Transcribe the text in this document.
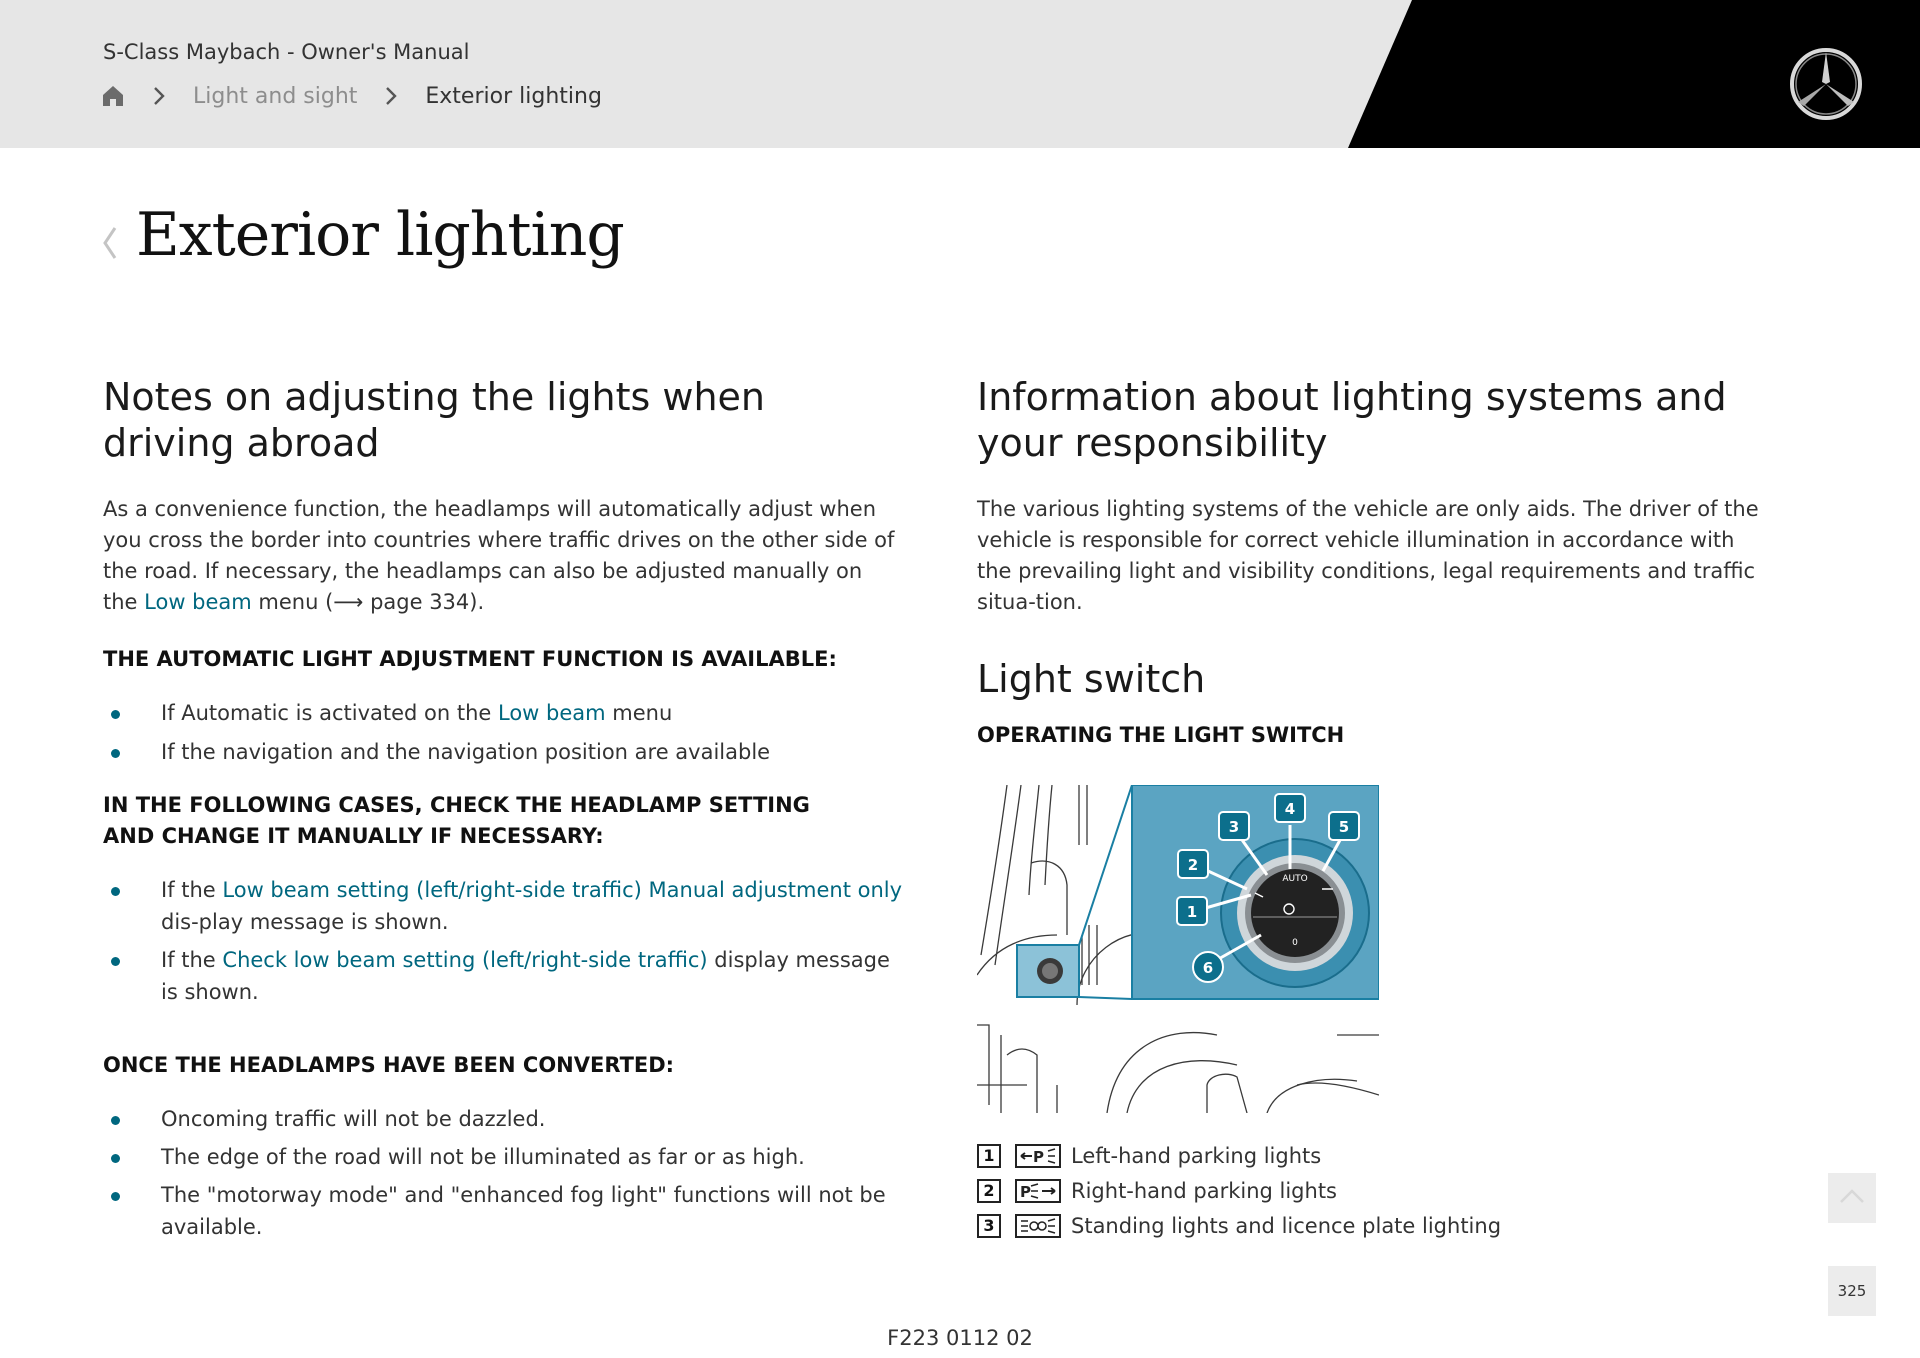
S-Class Maybach - Owner's Manual
Light and sight	Exterior lighting
Exterior lighting
Notes on adjusting the lights when driving abroad

As a convenience function, the headlamps will automatically adjust when you cross the border into countries where traffic drives on the other side of the road. If necessary, the headlamps can also be adjusted manually on the Low beam menu (⟶ page 334).

THE AUTOMATIC LIGHT ADJUSTMENT FUNCTION IS AVAILABLE:
If Automatic is activated on the Low beam menu
If the navigation and the navigation position are available
IN THE FOLLOWING CASES, CHECK THE HEADLAMP SETTING AND CHANGE IT MANUALLY IF NECESSARY:
If the Low beam setting (left/right-side traffic) Manual adjustment only dis-play message is shown.
If the Check low beam setting (left/right-side traffic) display message is shown.
ONCE THE HEADLAMPS HAVE BEEN CONVERTED:
Oncoming traffic will not be dazzled.
The edge of the road will not be illuminated as far or as high.
The "motorway mode" and "enhanced fog light" functions will not be available.
Information about lighting systems and your responsibility

The various lighting systems of the vehicle are only aids. The driver of the vehicle is responsible for correct vehicle illumination in accordance with the prevailing light and visibility conditions, legal requirements and traffic situa-tion.

Light switch
OPERATING THE LIGHT SWITCH
AUTO
0
1
2
3
4
5
6
1	P Left-hand parking lights
2	P Right-hand parking lights
3	Standing lights and licence plate lighting
F223 0112 02
325
